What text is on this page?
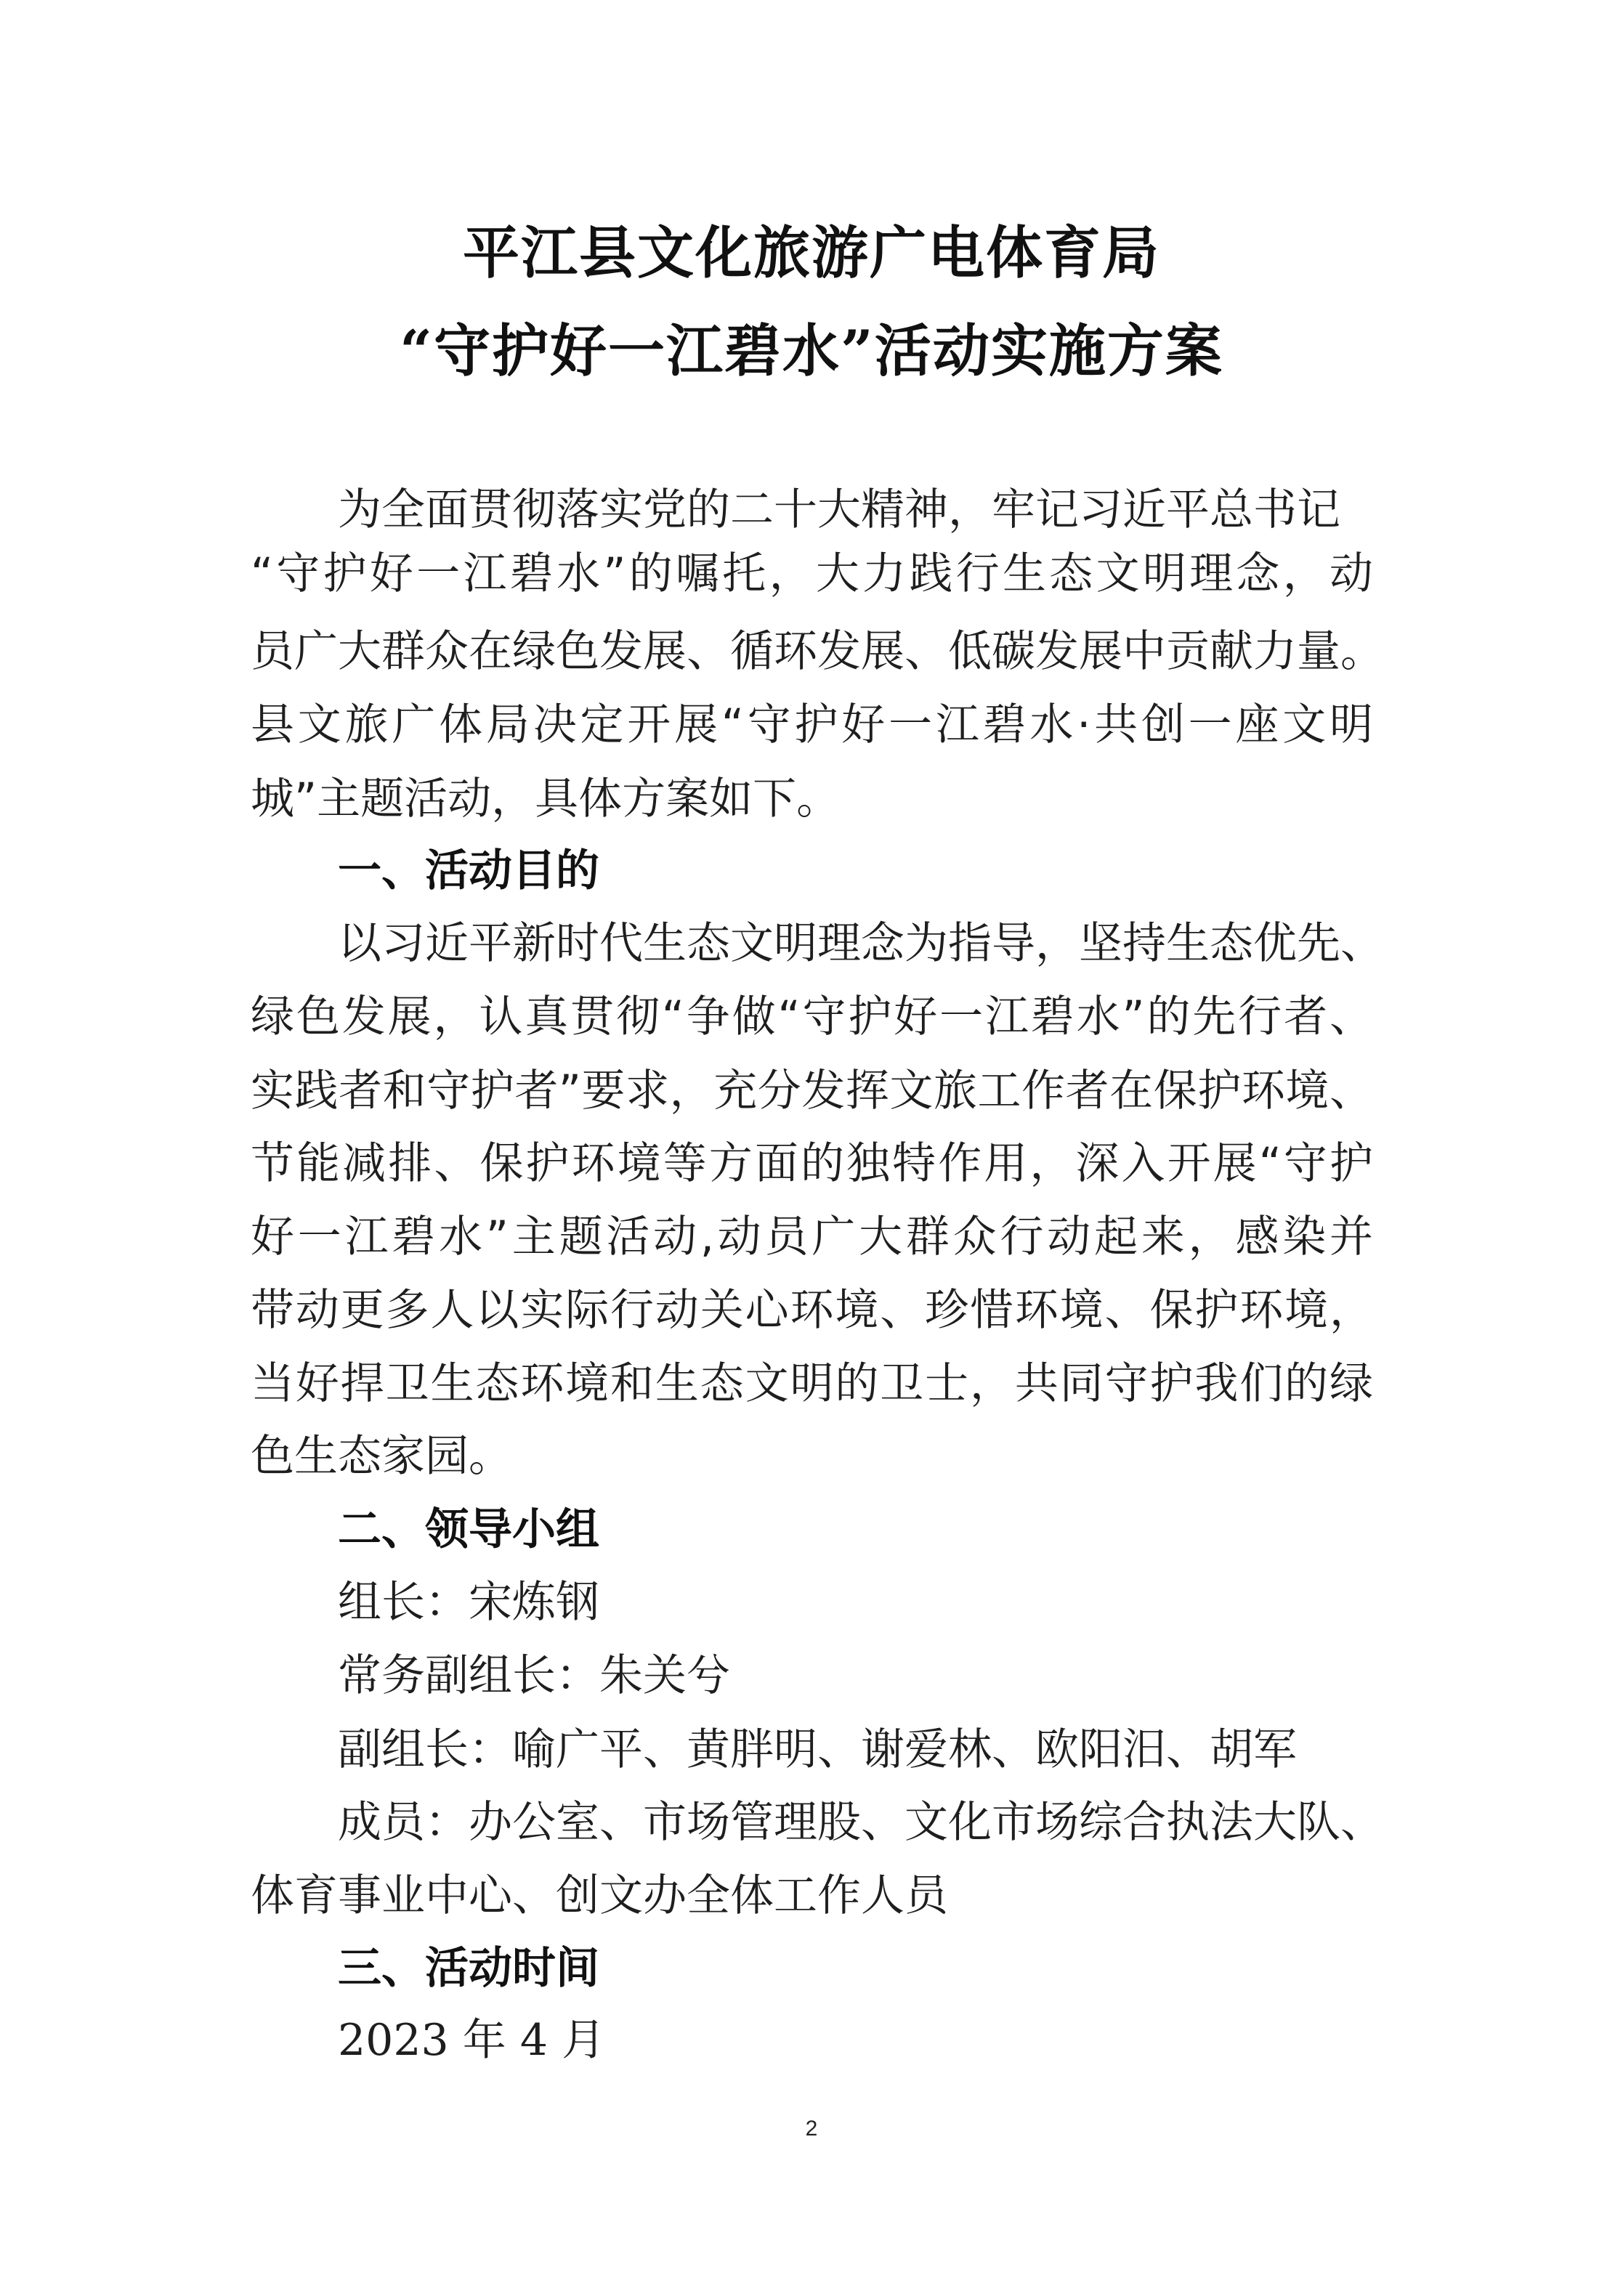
平江县文化旅游广电体育局
“守护好一江碧水”活动实施方案
为全面贯彻落实党的二十大精神，牢记习近平总书记
“守护好一江碧水”的嘱托，大力践行生态文明理念，动
员广大群众在绿色发展、循环发展、低碳发展中贡献力量。
县文旅广体局决定开展“守护好一江碧水·共创一座文明
城”主题活动，具体方案如下。
一、活动目的
以习近平新时代生态文明理念为指导，坚持生态优先、
绿色发展，认真贯彻“争做“守护好一江碧水”的先行者、
实践者和守护者”要求，充分发挥文旅工作者在保护环境、
节能减排、保护环境等方面的独特作用，深入开展“守护
好一江碧水”主题活动,动员广大群众行动起来，感染并
带动更多人以实际行动关心环境、珍惜环境、保护环境，
当好捍卫生态环境和生态文明的卫士，共同守护我们的绿
色生态家园。
二、领导小组
组长：宋炼钢
常务副组长：朱关兮
副组长：喻广平、黄胖明、谢爱林、欧阳汨、胡军
成员：办公室、市场管理股、文化市场综合执法大队、
体育事业中心、创文办全体工作人员
三、活动时间
2023 年 4 月
2
